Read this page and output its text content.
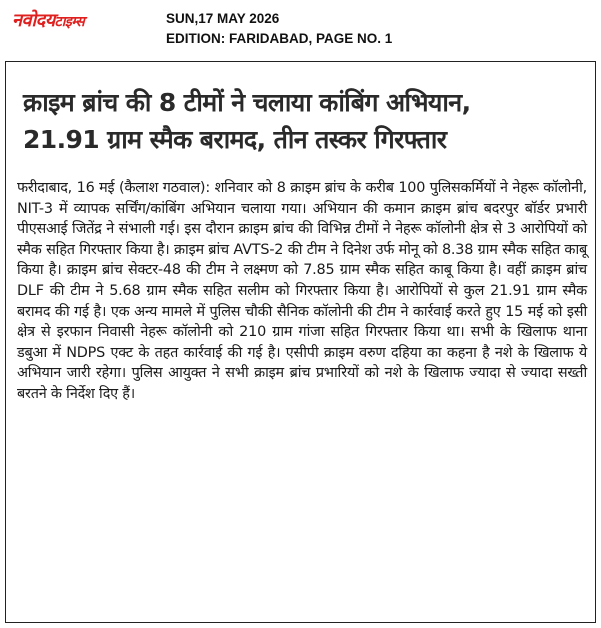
नवोदयटाइम्स	SUN,17 MAY 2026
EDITION: FARIDABAD, PAGE NO. 1
क्राइम ब्रांच की 8 टीमों ने चलाया कांबिंग अभियान,
21.91 ग्राम स्मैक बरामद, तीन तस्कर गिरफ्तार

फरीदाबाद, 16 मई (कैलाश गठवाल): शनिवार को 8 क्राइम ब्रांच के करीब 100 पुलिसकर्मियों ने नेहरू कॉलोनी, NIT-3 में व्यापक सर्चिंग/कांबिंग अभियान चलाया गया। अभियान की कमान क्राइम ब्रांच बदरपुर बॉर्डर प्रभारी पीएसआई जितेंद्र ने संभाली गई। इस दौरान क्राइम ब्रांच की विभिन्न टीमों ने नेहरू कॉलोनी क्षेत्र से 3 आरोपियों को स्मैक सहित गिरफ्तार किया है। क्राइम ब्रांच AVTS-2 की टीम ने दिनेश उर्फ मोनू को 8.38 ग्राम स्मैक सहित काबू किया है। क्राइम ब्रांच सेक्टर-48 की टीम ने लक्ष्मण को 7.85 ग्राम स्मैक सहित काबू किया है। वहीं क्राइम ब्रांच DLF की टीम ने 5.68 ग्राम स्मैक सहित सलीम को गिरफ्तार किया है। आरोपियों से कुल 21.91 ग्राम स्मैक बरामद की गई है। एक अन्य मामले में पुलिस चौकी सैनिक कॉलोनी की टीम ने कार्रवाई करते हुए 15 मई को इसी क्षेत्र से इरफान निवासी नेहरू कॉलोनी को 210 ग्राम गांजा सहित गिरफ्तार किया था। सभी के खिलाफ थाना डबुआ में NDPS एक्ट के तहत कार्रवाई की गई है। एसीपी क्राइम वरुण दहिया का कहना है नशे के खिलाफ ये अभियान जारी रहेगा। पुलिस आयुक्त ने सभी क्राइम ब्रांच प्रभारियों को नशे के खिलाफ ज्यादा से ज्यादा सख्ती बरतने के निर्देश दिए हैं।
